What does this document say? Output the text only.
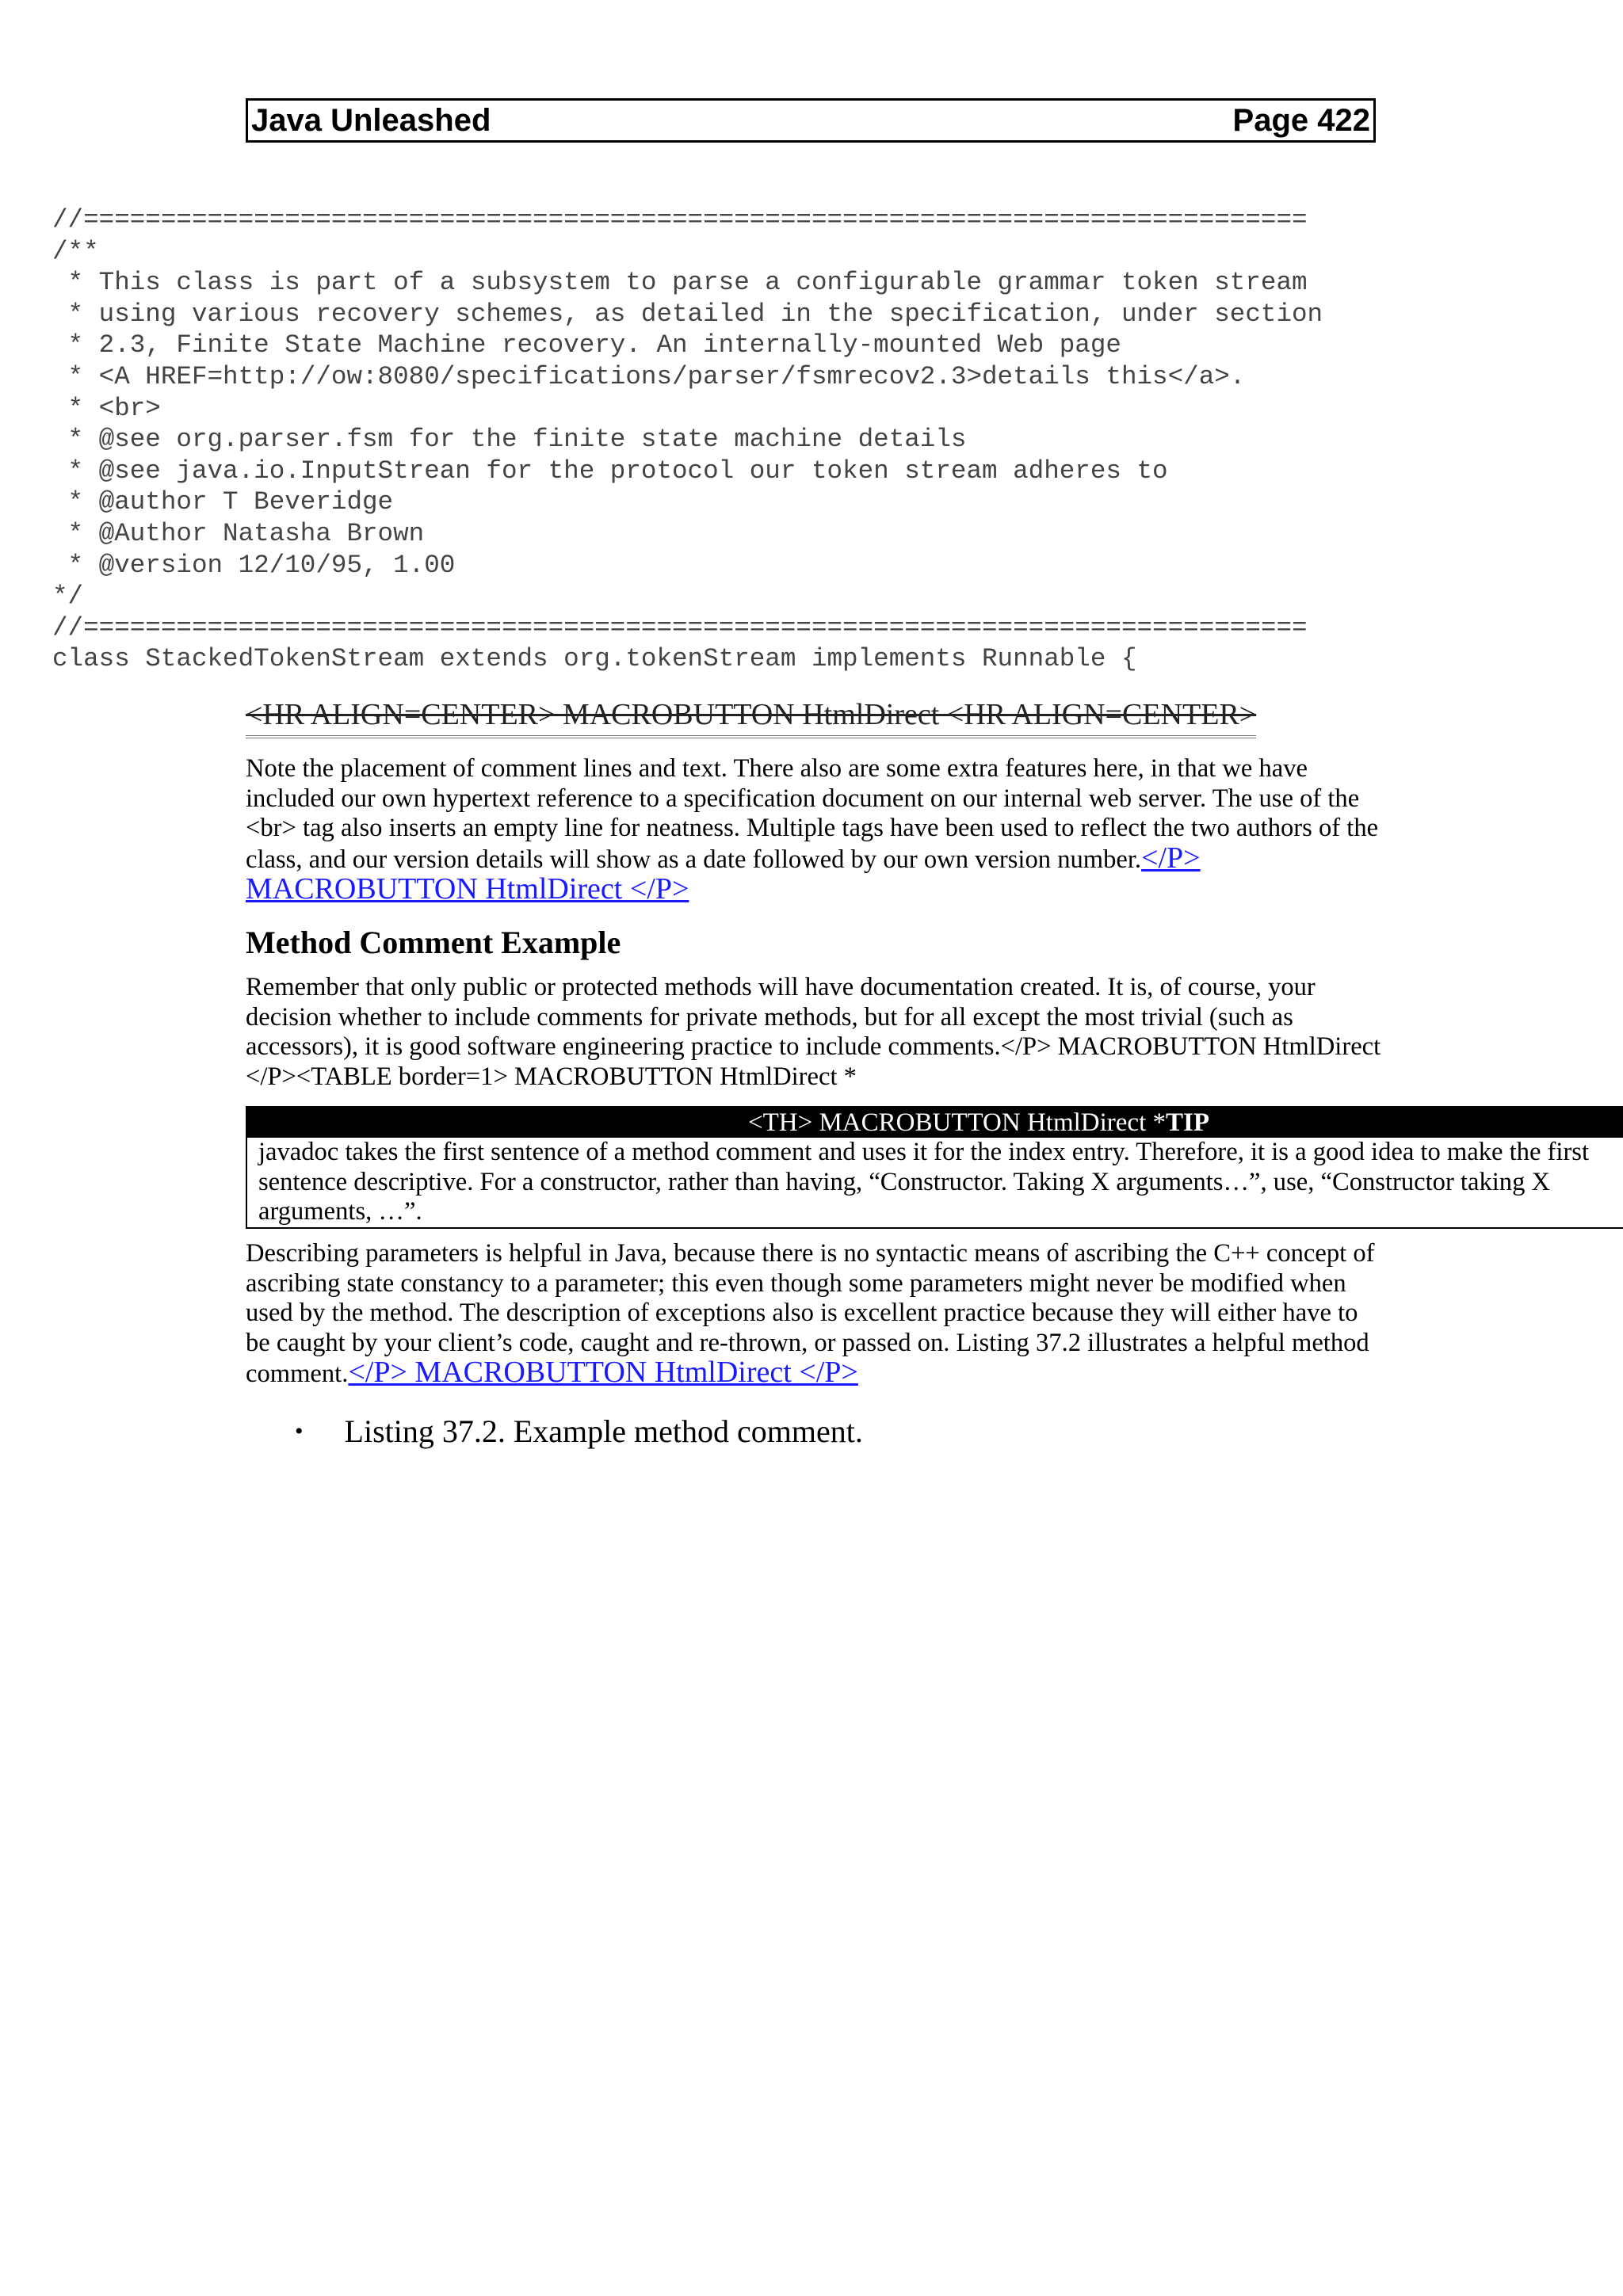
Java Unleashed	Page 422
//===============================================================================
/**
* This class is part of a subsystem to parse a configurable grammar token stream
* using various recovery schemes, as detailed in the specification, under section
* 2.3, Finite State Machine recovery. An internally-mounted Web page
* <A HREF=http://ow:8080/specifications/parser/fsmrecov2.3>details this</a>.
* <br>
* @see org.parser.fsm for the finite state machine details
* @see java.io.InputStrean for the protocol our token stream adheres to
* @author T Beveridge
* @Author Natasha Brown
* @version 12/10/95, 1.00
*/
//===============================================================================
class StackedTokenStream extends org.tokenStream implements Runnable {
<HR ALIGN=CENTER> MACROBUTTON HtmlDirect <HR ALIGN=CENTER>

Note the placement of comment lines and text. There also are some extra features here, in that we have included our own hypertext reference to a specification document on our internal web server. The use of the <br> tag also inserts an empty line for neatness. Multiple tags have been used to reflect the two authors of the class, and our version details will show as a date followed by our own version number.</P> MACROBUTTON HtmlDirect </P>

Method Comment Example

Remember that only public or protected methods will have documentation created. It is, of course, your decision whether to include comments for private methods, but for all except the most trivial (such as accessors), it is good software engineering practice to include comments.</P> MACROBUTTON HtmlDirect </P><TABLE border=1> MACROBUTTON HtmlDirect *

<TH> MACROBUTTON HtmlDirect *TIP
javadoc takes the first sentence of a method comment and uses it for the index entry. Therefore, it is a good idea to make the first sentence descriptive. For a constructor, rather than having, “Constructor. Taking X arguments…”, use, “Constructor taking X arguments, …”.
Describing parameters is helpful in Java, because there is no syntactic means of ascribing the C++ concept of ascribing state constancy to a parameter; this even though some parameters might never be modified when used by the method. The description of exceptions also is excellent practice because they will either have to be caught by your client’s code, caught and re-thrown, or passed on. Listing 37.2 illustrates a helpful method comment.</P> MACROBUTTON HtmlDirect </P>
• Listing 37.2. Example method comment.
